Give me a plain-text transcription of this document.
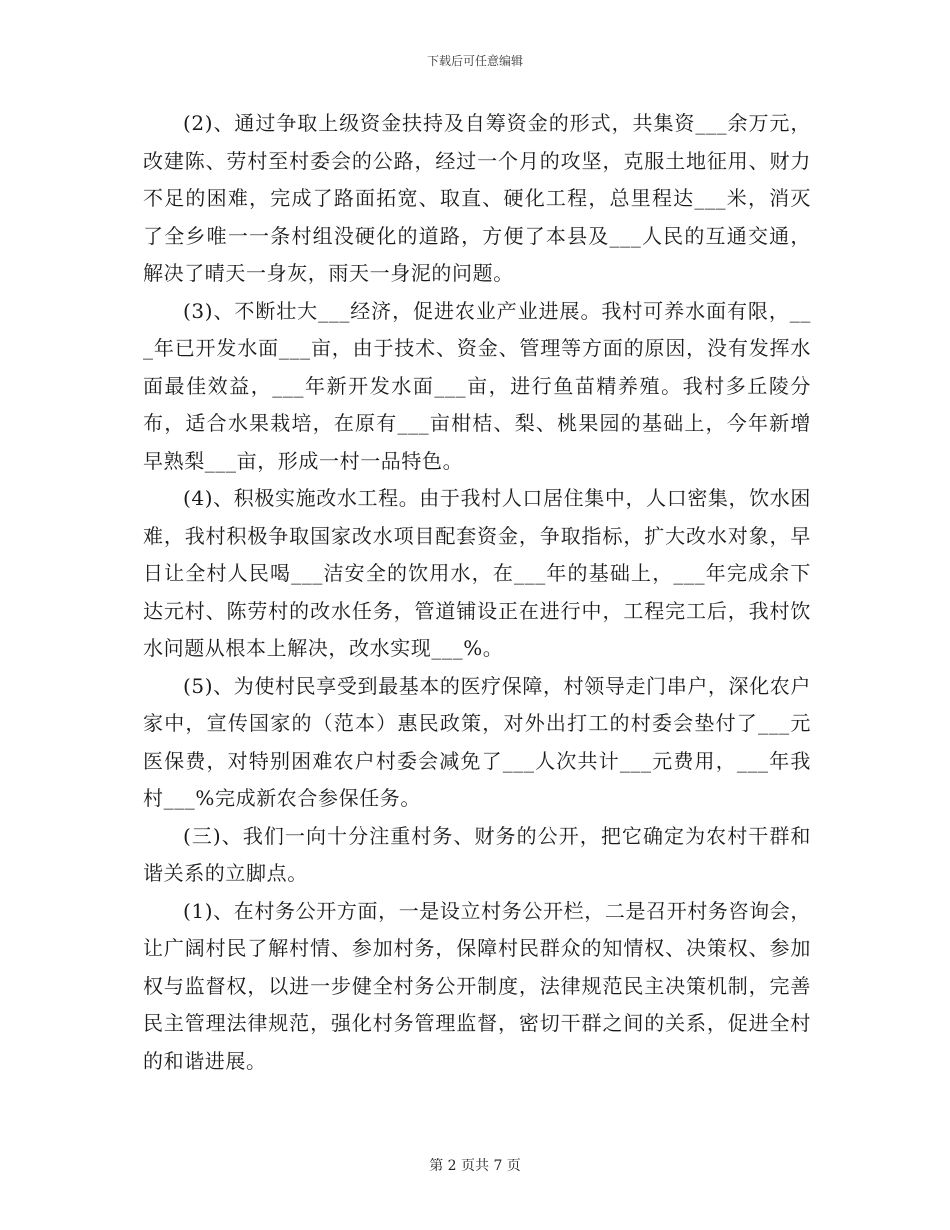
下载后可任意编辑

(2)、通过争取上级资金扶持及自筹资金的形式，共集资___余万元，改建陈、劳村至村委会的公路，经过一个月的攻坚，克服土地征用、财力不足的困难，完成了路面拓宽、取直、硬化工程，总里程达___米，消灭了全乡唯一一条村组没硬化的道路，方便了本县及___人民的互通交通，解决了晴天一身灰，雨天一身泥的问题。

(3)、不断壮大___经济，促进农业产业进展。我村可养水面有限，___年已开发水面___亩，由于技术、资金、管理等方面的原因，没有发挥水面最佳效益，___年新开发水面___亩，进行鱼苗精养殖。我村多丘陵分布，适合水果栽培，在原有___亩柑桔、梨、桃果园的基础上，今年新增早熟梨___亩，形成一村一品特色。

(4)、积极实施改水工程。由于我村人口居住集中，人口密集，饮水困难，我村积极争取国家改水项目配套资金，争取指标，扩大改水对象，早日让全村人民喝___洁安全的饮用水，在___年的基础上，___年完成余下达元村、陈劳村的改水任务，管道铺设正在进行中，工程完工后，我村饮水问题从根本上解决，改水实现___%。

(5)、为使村民享受到最基本的医疗保障，村领导走门串户，深化农户家中，宣传国家的（范本）惠民政策，对外出打工的村委会垫付了___元医保费，对特别困难农户村委会减免了___人次共计___元费用，___年我村___%完成新农合参保任务。

(三)、我们一向十分注重村务、财务的公开，把它确定为农村干群和谐关系的立脚点。

(1)、在村务公开方面，一是设立村务公开栏，二是召开村务咨询会，让广阔村民了解村情、参加村务，保障村民群众的知情权、决策权、参加权与监督权，以进一步健全村务公开制度，法律规范民主决策机制，完善民主管理法律规范，强化村务管理监督，密切干群之间的关系，促进全村的和谐进展。

第 2 页共 7 页
